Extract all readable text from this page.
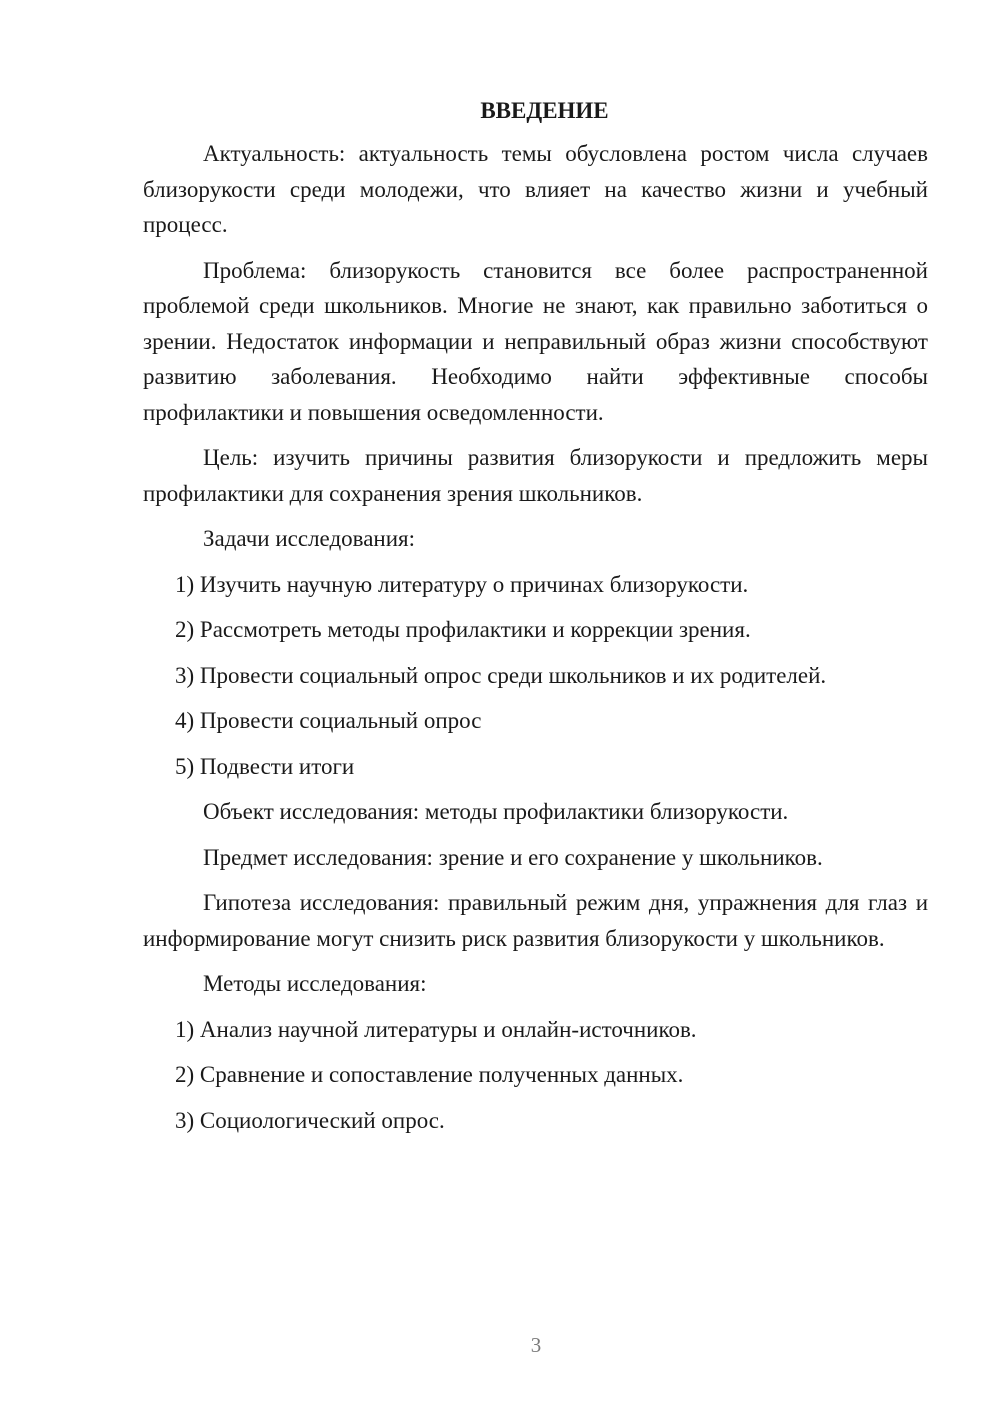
ВВЕДЕНИЕ

Актуальность: актуальность темы обусловлена ростом числа случаев близорукости среди молодежи, что влияет на качество жизни и учебный процесс.

Проблема: близорукость становится все более распространенной проблемой среди школьников. Многие не знают, как правильно заботиться о зрении. Недостаток информации и неправильный образ жизни способствуют развитию заболевания. Необходимо найти эффективные способы профилактики и повышения осведомленности.

Цель: изучить причины развития близорукости и предложить меры профилактики для сохранения зрения школьников.

Задачи исследования:

1) Изучить научную литературу о причинах близорукости.

2) Рассмотреть методы профилактики и коррекции зрения.

3) Провести социальный опрос среди школьников и их родителей.

4) Провести социальный опрос

5) Подвести итоги

Объект исследования: методы профилактики близорукости.

Предмет исследования: зрение и его сохранение у школьников.

Гипотеза исследования: правильный режим дня, упражнения для глаз и информирование могут снизить риск развития близорукости у школьников.

Методы исследования:

1) Анализ научной литературы и онлайн-источников.

2) Сравнение и сопоставление полученных данных.

3) Социологический опрос.

3
